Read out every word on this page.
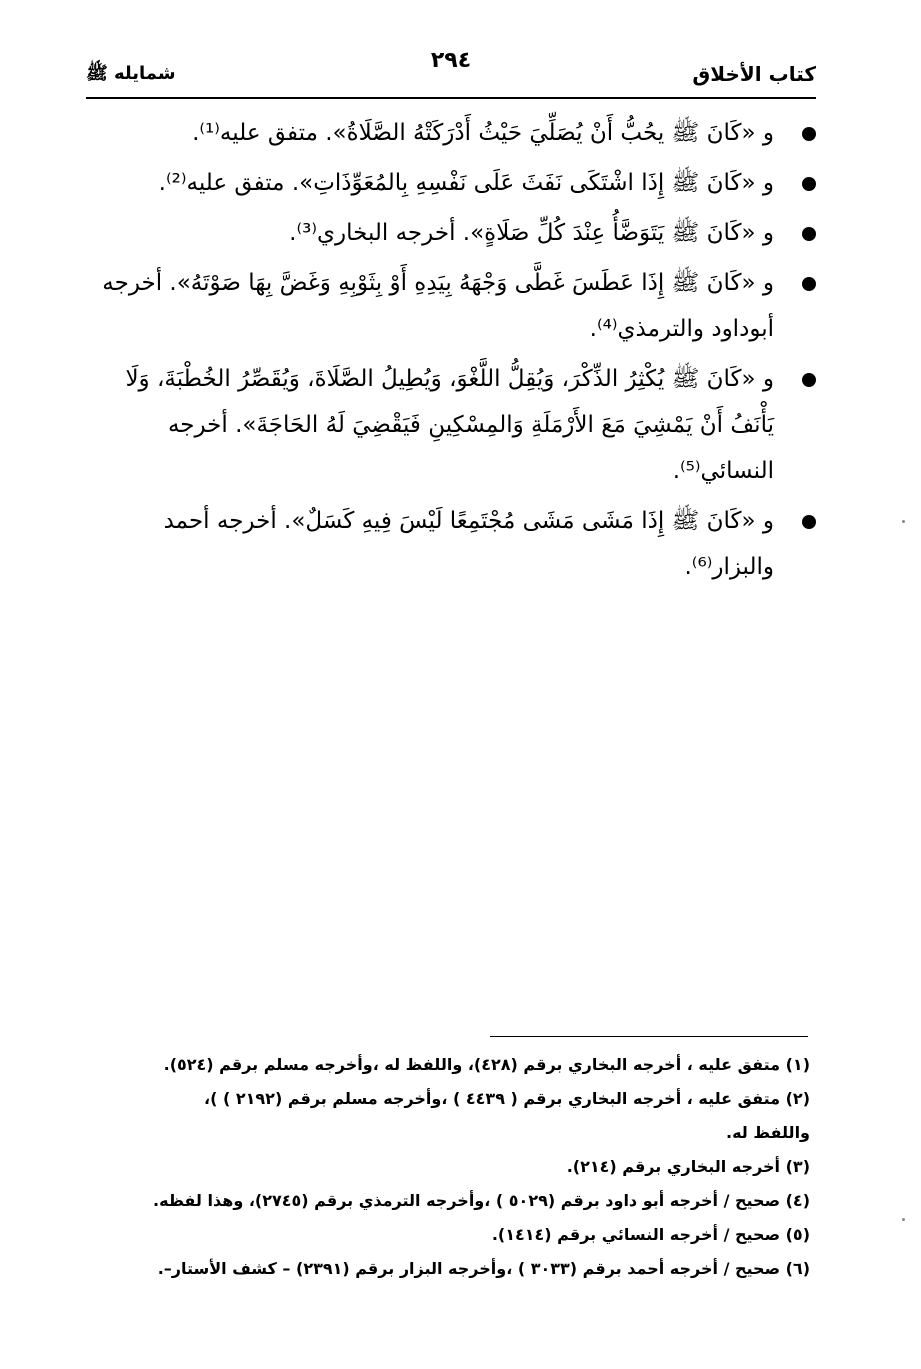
كتاب الأخلاق
٢٩٤
شمايله ﷺ
و «كَانَ ﷺ يحُبُّ أَنْ يُصَلِّيَ حَيْثُ أَدْرَكَتْهُ الصَّلَاةُ». متفق عليه⁽¹⁾.
و «كَانَ ﷺ إِذَا اشْتَكَى نَفَثَ عَلَى نَفْسِهِ بِالمُعَوِّذَاتِ». متفق عليه⁽²⁾.
و «كَانَ ﷺ يَتَوَضَّأُ عِنْدَ كُلِّ صَلَاةٍ». أخرجه البخاري⁽³⁾.
و «كَانَ ﷺ إِذَا عَطَسَ غَطَّى وَجْهَهُ بِيَدِهِ أَوْ بِثَوْبِهِ وَغَضَّ بِهَا صَوْتَهُ». أخرجه أبوداود والترمذي⁽⁴⁾.
و «كَانَ ﷺ يُكْثِرُ الذِّكْرَ، وَيُقِلُّ اللَّغْوَ، وَيُطِيلُ الصَّلَاةَ، وَيُقَصِّرُ الخُطْبَةَ، وَلَا يَأْنَفُ أَنْ يَمْشِيَ مَعَ الأَرْمَلَةِ وَالمِسْكِينِ فَيَقْضِيَ لَهُ الحَاجَةَ». أخرجه النسائي⁽⁵⁾.
و «كَانَ ﷺ إِذَا مَشَى مَشَى مُجْتَمِعًا لَيْسَ فِيهِ كَسَلٌ». أخرجه أحمد والبزار⁽⁶⁾.
(١) متفق عليه ، أخرجه البخاري برقم (٤٢٨)، واللفظ له ،وأخرجه مسلم برقم (٥٢٤).
(٢) متفق عليه ، أخرجه البخاري برقم ( ٤٤٣٩ ) ،وأخرجه مسلم برقم (٢١٩٢ ) )، واللفظ له.
(٣) أخرجه البخاري برقم (٢١٤).
(٤) صحيح / أخرجه أبو داود برقم (٥٠٢٩ ) ،وأخرجه الترمذي برقم (٢٧٤٥)، وهذا لفظه.
(٥) صحيح / أخرجه النسائي برقم (١٤١٤).
(٦) صحيح / أخرجه أحمد برقم (٣٠٣٣ ) ،وأخرجه البزار برقم (٢٣٩١) – كشف الأستار–.
